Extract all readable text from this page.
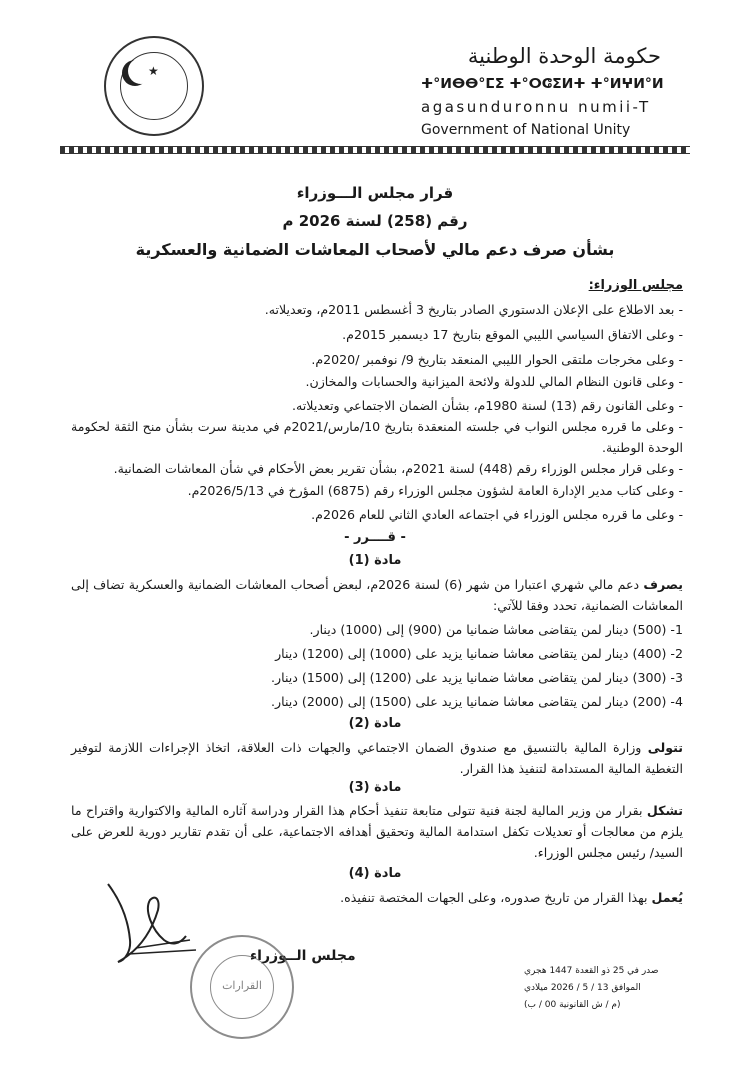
★
حكومة الوحدة الوطنية
ⵜ°ⵍⴱⴱ°ⵎⵉ ⵜ°ⵔⵛⵉⵍⵜ ⵜ°ⵍⵖⵍ°ⵍ
agasunduronnu numii-T
Government of National Unity
قرار مجلس الـــوزراء
رقم (258) لسنة 2026 م
بشأن صرف دعم مالي لأصحاب المعاشات الضمانية والعسكرية
مجلس الوزراء:
- بعد الاطلاع على الإعلان الدستوري الصادر بتاريخ 3 أغسطس 2011م، وتعديلاته.
- وعلى الاتفاق السياسي الليبي الموقع بتاريخ 17 ديسمبر 2015م.
- وعلى مخرجات ملتقى الحوار الليبي المنعقد بتاريخ 9/ نوفمبر /2020م.
- وعلى قانون النظام المالي للدولة ولائحة الميزانية والحسابات والمخازن.
- وعلى القانون رقم (13) لسنة 1980م، بشأن الضمان الاجتماعي وتعديلاته.
- وعلى ما قرره مجلس النواب في جلسته المنعقدة بتاريخ 10/مارس/2021م في مدينة سرت بشأن منح الثقة لحكومة الوحدة الوطنية.
- وعلى قرار مجلس الوزراء رقم (448) لسنة 2021م، بشأن تقرير بعض الأحكام في شأن المعاشات الضمانية.
- وعلى كتاب مدير الإدارة العامة لشؤون مجلس الوزراء رقم (6875) المؤرخ في 2026/5/13م.
- وعلى ما قرره مجلس الوزراء في اجتماعه العادي الثاني للعام 2026م.
- قــــرر -
مادة (1)
يصرف دعم مالي شهري اعتبارا من شهر (6) لسنة 2026م، لبعض أصحاب المعاشات الضمانية والعسكرية تضاف إلى المعاشات الضمانية، تحدد وفقا للآتي:
1- (500) دينار لمن يتقاضى معاشا ضمانيا من (900) إلى (1000) دينار.
2- (400) دينار لمن يتقاضى معاشا ضمانيا يزيد على (1000) إلى (1200) دينار
3- (300) دينار لمن يتقاضى معاشا ضمانيا يزيد على (1200) إلى (1500) دينار.
4- (200) دينار لمن يتقاضى معاشا ضمانيا يزيد على (1500) إلى (2000) دينار.
مادة (2)
تتولى وزارة المالية بالتنسيق مع صندوق الضمان الاجتماعي والجهات ذات العلاقة، اتخاذ الإجراءات اللازمة لتوفير التغطية المالية المستدامة لتنفيذ هذا القرار.
مادة (3)
تشكل بقرار من وزير المالية لجنة فنية تتولى متابعة تنفيذ أحكام هذا القرار ودراسة آثاره المالية والاكتوارية واقتراح ما يلزم من معالجات أو تعديلات تكفل استدامة المالية وتحقيق أهدافه الاجتماعية، على أن تقدم تقارير دورية للعرض على السيد/ رئيس مجلس الوزراء.
مادة (4)
يُعمل بهذا القرار من تاريخ صدوره، وعلى الجهات المختصة تنفيذه.
مجلس الــوزراء
القرارات
صدر في 25 ذو القعدة 1447 هجري
الموافق 13 / 5 / 2026 ميلادي
(م / ش القانونية 00 / ب)
